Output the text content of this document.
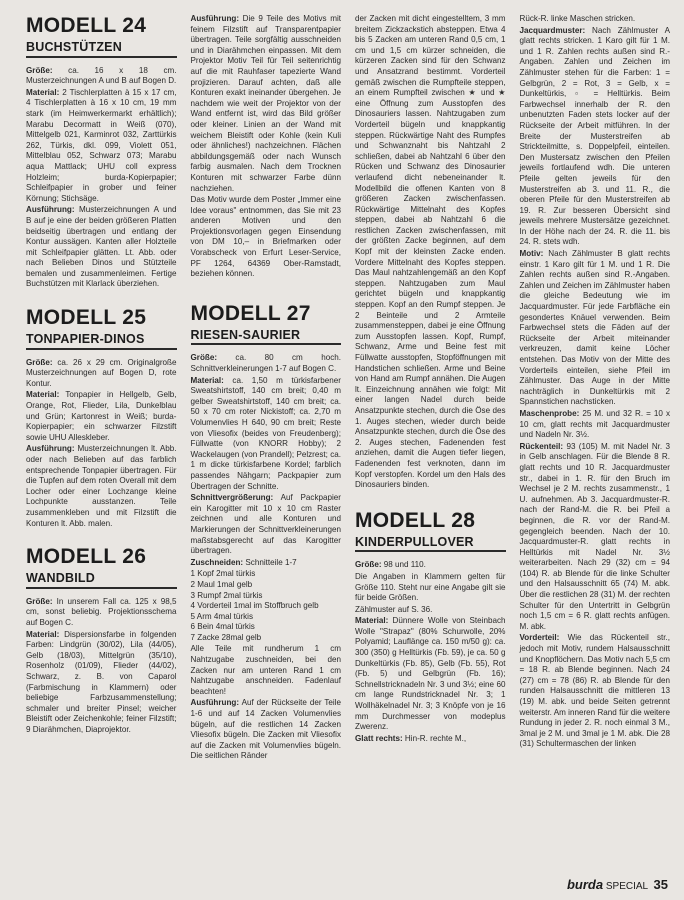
MODELL 24
BUCHSTÜTZEN

Größe: ca. 16 x 18 cm. Musterzeichnungen A und B auf Bogen D.

Material: 2 Tischlerplatten à 15 x 17 cm, 4 Tischlerplatten à 16 x 10 cm, 19 mm stark (im Heimwerkermarkt erhältlich); Marabu Decormatt in Weiß (070), Mittelgelb 021, Karminrot 032, Zarttürkis 262, Türkis, dkl. 099, Violett 051, Mittelblau 052, Schwarz 073; Marabu aqua Mattlack; UHU coll express Holzleim; burda-Kopierpapier; Schleifpapier in grober und feiner Körnung; Stichsäge.

Ausführung: Musterzeichnungen A und B auf je eine der beiden größeren Platten beidseitig übertragen und entlang der Kontur aussägen. Kanten aller Holzteile mit Schleifpapier glätten. Lt. Abb. oder nach Belieben Dinos und Stützteile bemalen und zusammenleimen. Fertige Buchstützen mit Klarlack überziehen.

MODELL 25
TONPAPIER-DINOS

Größe: ca. 26 x 29 cm. Originalgroße Musterzeichnungen auf Bogen D, rote Kontur.

Material: Tonpapier in Hellgelb, Gelb, Orange, Rot, Flieder, Lila, Dunkelblau und Grün; Kartonrest in Weiß; burda-Kopierpapier; ein schwarzer Filzstift sowie UHU Alleskleber.

Ausführung: Musterzeichnungen lt. Abb. oder nach Belieben auf das farblich entsprechende Tonpapier übertragen. Für die Tupfen auf dem roten Overall mit dem Locher oder einer Lochzange kleine Lochpunkte ausstanzen. Teile zusammenkleben und mit Filzstift die Konturen lt. Abb. malen.

MODELL 26
WANDBILD

Größe: In unserem Fall ca. 125 x 98,5 cm, sonst beliebig. Projektionsschema auf Bogen C.

Material: Dispersionsfarbe in folgenden Farben: Lindgrün (30/02), Lila (44/05), Gelb (18/03), Mittelgrün (35/10), Rosenholz (01/09), Flieder (44/02), Schwarz, z. B. von Caparol (Farbmischung in Klammern) oder beliebige Farbzusammenstellung; schmaler und breiter Pinsel; weicher Bleistift oder Zeichenkohle; feiner Filzstift; 9 Diarähmchen, Diaprojektor.

Ausführung: Die 9 Teile des Motivs mit feinem Filzstift auf Transparentpapier übertragen. Teile sorgfältig ausschneiden und in Diarähmchen einpassen. Mit dem Projektor Motiv Teil für Teil seitenrichtig auf die mit Rauhfaser tapezierte Wand projizieren. Darauf achten, daß alle Konturen exakt ineinander übergehen. Je nachdem wie weit der Projektor von der Wand entfernt ist, wird das Bild größer oder kleiner. Linien an der Wand mit weichem Bleistift oder Kohle (kein Kuli oder ähnliches!) nachzeichnen. Flächen abbildungsgemäß oder nach Wunsch farbig ausmalen. Nach dem Trocknen Konturen mit schwarzer Farbe dünn nachziehen.

Das Motiv wurde dem Poster „Immer eine Idee voraus" entnommen, das Sie mit 23 anderen Motiven und den Projektionsvorlagen gegen Einsendung von DM 10,– in Briefmarken oder Vorabscheck von Erfurt Leser-Service, PF 1264, 64369 Ober-Ramstadt, beziehen können.

MODELL 27
RIESEN-SAURIER

Größe: ca. 80 cm hoch. Schnittverkleinerungen 1-7 auf Bogen C.

Material: ca. 1,50 m türkisfarbener Sweatshirtstoff, 140 cm breit; 0,40 m gelber Sweatshirtstoff, 140 cm breit; ca. 50 x 70 cm roter Nickistoff; ca. 2,70 m Volumenvlies H 640, 90 cm breit; Reste von Vliesofix (beides von Freudenberg); Füllwatte (von KNORR Hobby); 2 Wackelaugen (von Prandell); Pelzrest; ca. 1 m dicke türkisfarbene Kordel; farblich passendes Nähgarn; Packpapier zum Übertragen der Schnitte.

Schnittvergrößerung: Auf Packpapier ein Karogitter mit 10 x 10 cm Raster zeichnen und alle Konturen und Markierungen der Schnittverkleinerungen maßstabsgerecht auf das Karogitter übertragen.

Zuschneiden: Schnitteile 1-7

1 Kopf 2mal türkis
2 Maul 1mal gelb
3 Rumpf 2mal türkis
4 Vorderteil 1mal im Stoffbruch gelb
5 Arm 4mal türkis
6 Bein 4mal türkis
7 Zacke 28mal gelb

Alle Teile mit rundherum 1 cm Nahtzugabe zuschneiden, bei den Zacken nur am unteren Rand 1 cm Nahtzugabe anschneiden. Fadenlauf beachten!

Ausführung: Auf der Rückseite der Teile 1-6 und auf 14 Zacken Volumenvlies bügeln, auf die restlichen 14 Zacken Vliesofix bügeln. Die Zacken mit Vliesofix auf die Zacken mit Volumenvlies bügeln. Die seitlichen Ränder

der Zacken mit dicht eingestelltem, 3 mm breitem Zickzackstich absteppen. Etwa 4 bis 5 Zacken am unteren Rand 0,5 cm, 1 cm und 1,5 cm kürzer schneiden, die kürzeren Zacken sind für den Schwanz und Ansatzrand bestimmt. Vorderteil gemäß zwischen die Rumpfteile steppen, an einem Rumpfteil zwischen ★ und ★ eine Öffnung zum Ausstopfen des Dinosauriers lassen. Nahtzugaben zum Vorderteil bügeln und knappkantig steppen. Rückwärtige Naht des Rumpfes und Schwanznaht bis Nahtzahl 2 schließen, dabei ab Nahtzahl 6 über den Rücken und Schwanz des Dinosaurier verlaufend dicht nebeneinander lt. Modellbild die offenen Kanten von 8 größeren Zacken zwischenfassen. Rückwärtige Mittelnaht des Kopfes steppen, dabei ab Nahtzahl 6 die restlichen Zacken zwischenfassen, mit der größten Zacke beginnen, auf dem Kopf mit der kleinsten Zacke enden. Vordere Mittelnaht des Kopfes steppen. Das Maul nahtzahlengemäß an den Kopf steppen. Nahtzugaben zum Maul gerichtet bügeln und knappkantig steppen. Kopf an den Rumpf steppen. Je 2 Beinteile und 2 Armteile zusammensteppen, dabei je eine Öffnung zum Ausstopfen lassen. Kopf, Rumpf, Schwanz, Arme und Beine fest mit Füllwatte ausstopfen, Stopföffnungen mit Handstichen schließen. Arme und Beine von Hand am Rumpf annähen. Die Augen lt. Einzeichnung annähen wie folgt: Mit einer langen Nadel durch beide Ansatzpunkte stechen, durch die Öse des 1. Auges stechen, wieder durch beide Ansatzpunkte stechen, durch die Öse des 2. Auges stechen, Fadenenden fest anziehen, damit die Augen tiefer liegen, Fadenenden fest verknoten, dann im Kopf verstopfen. Kordel um den Hals des Dinosauriers binden.

MODELL 28
KINDERPULLOVER

Größe: 98 und 110.

Die Angaben in Klammern gelten für Größe 110. Steht nur eine Angabe gilt sie für beide Größen.

Zählmuster auf S. 36.

Material: Dünnere Wolle von Steinbach Wolle "Strapaz" (80% Schurwolle, 20% Polyamid; Lauflänge ca. 150 m/50 g): ca. 300 (350) g Helltürkis (Fb. 59), je ca. 50 g Dunkeltürkis (Fb. 85), Gelb (Fb. 55), Rot (Fb. 5) und Gelbgrün (Fb. 16); Schnellstricknadeln Nr. 3 und 3½; eine 60 cm lange Rundstricknadel Nr. 3; 1 Wollhäkelnadel Nr. 3; 3 Knöpfe von je 16 mm Durchmesser von modeplus Zwerenz.

Glatt rechts: Hin-R. rechte M.,

Rück-R. linke Maschen stricken.

Jacquardmuster: Nach Zählmuster A glatt rechts stricken. 1 Karo gilt für 1 M. und 1 R. Zahlen rechts außen sind R.-Angaben. Zahlen und Zeichen im Zählmuster stehen für die Farben: 1 = Gelbgrün, 2 = Rot, 3 = Gelb, x = Dunkeltürkis, ▫ = Helltürkis. Beim Farbwechsel innerhalb der R. den unbenutzten Faden stets locker auf der Rückseite der Arbeit mitführen. In der Breite der Musterstreifen ab Strickteilmitte, s. Doppelpfeil, einteilen. Den Mustersatz zwischen den Pfeilen jeweils fortlaufend wdh. Die unteren Pfeile gelten jeweils für den Musterstreifen ab 3. und 11. R., die oberen Pfeile für den Musterstreifen ab 19. R. Zur besseren Übersicht sind jeweils mehrere Mustersätze gezeichnet. In der Höhe nach der 24. R. die 11. bis 24. R. stets wdh.

Motiv: Nach Zählmuster B glatt rechts einstr. 1 Karo gilt für 1 M. und 1 R. Die Zahlen rechts außen sind R.-Angaben. Zahlen und Zeichen im Zählmuster haben die gleiche Bedeutung wie im Jacquardmuster. Für jede Farbfläche ein gesondertes Knäuel verwenden. Beim Farbwechsel stets die Fäden auf der Rückseite der Arbeit miteinander verkreuzen, damit keine Löcher entstehen. Das Motiv von der Mitte des Vorderteils einteilen, siehe Pfeil im Zählmuster. Das Auge in der Mitte nachträglich in Dunkeltürkis mit 2 Spannstichen nachsticken.

Maschenprobe: 25 M. und 32 R. = 10 x 10 cm, glatt rechts mit Jacquardmuster und Nadeln Nr. 3½.

Rückenteil: 93 (105) M. mit Nadel Nr. 3 in Gelb anschlagen. Für die Blende 8 R. glatt rechts und 10 R. Jacquardmuster str., dabei in 1. R. für den Bruch im Wechsel je 2 M. rechts zusammenstr., 1 U. aufnehmen. Ab 3. Jacquardmuster-R. nach der Rand-M. die R. bei Pfeil a beginnen, die R. vor der Rand-M. gegengleich beenden. Nach der 10. Jacquardmuster-R. glatt rechts in Helltürkis mit Nadel Nr. 3½ weiterarbeiten. Nach 29 (32) cm = 94 (104) R. ab Blende für die linke Schulter und den Halsausschnitt 65 (74) M. abk. Über die restlichen 28 (31) M. der rechten Schulter für den Untertritt in Gelbgrün noch 1,5 cm = 6 R. glatt rechts anfügen. M. abk.

Vorderteil: Wie das Rückenteil str., jedoch mit Motiv, rundem Halsausschnitt und Knopflöchern. Das Motiv nach 5,5 cm = 18 R. ab Blende beginnen. Nach 24 (27) cm = 78 (86) R. ab Blende für den runden Halsausschnitt die mittleren 13 (19) M. abk. und beide Seiten getrennt weiterstr. Am inneren Rand für die weitere Rundung in jeder 2. R. noch einmal 3 M., 3mal je 2 M. und 3mal je 1 M. abk. Die 28 (31) Schultermaschen der linken

burda SPECIAL 35
